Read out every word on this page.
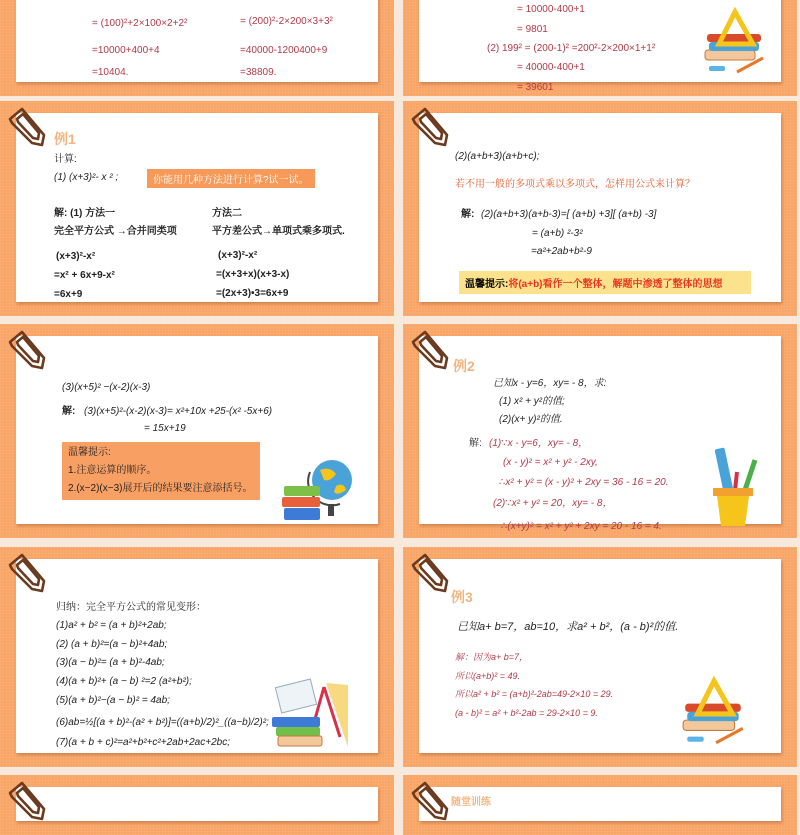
= (100)²+2×100×2+2²
=10000+400+4
=10404.
= (200)²-2×200×3+3²
=40000-1200400+9
=38809.
= 10000-400+1
= 9801
(2) 199² = (200-1)² =200²-2×200×1+1²
= 40000-400+1
= 39601
例1
计算:
(1) (x+3)²- x ² ;	你能用几种方法进行计算?试一试。
解: (1) 方法一
完全平方公式 →合并同类项
(x+3)²-x²
=x² + 6x+9-x²
=6x+9
方法二
平方差公式→单项式乘多项式.
(x+3)²-x²
=(x+3+x)(x+3-x)
=(2x+3)•3=6x+9
(2)(a+b+3)(a+b+c);
若不用一般的多项式乘以多项式，怎样用公式来计算？
解: (2)(a+b+3)(a+b-3)=[ (a+b) +3][ (a+b) -3]
= (a+b) ²-3²
=a²+2ab+b²-9
温馨提示:将(a+b)看作一个整体，解题中渗透了整体的思想
(3)(x+5)² −(x-2)(x-3)
解: (3)(x+5)²-(x-2)(x-3)= x²+10x +25-(x² -5x+6)
= 15x+19
温馨提示:
1.注意运算的顺序。
2.(x−2)(x−3)展开后的结果要注意添括号。
例2
已知x - y=6，xy= - 8，求:
(1) x² + y²的值;
(2)(x+ y)²的值.
解: (1)∵x - y=6，xy= - 8，
(x - y)² = x² + y² - 2xy,
∴x² + y² = (x - y)² + 2xy = 36 - 16 = 20.
(2)∵x² + y² = 20，xy= - 8，
∴(x+y)² = x² + y² + 2xy = 20 - 16 = 4.
归纳：完全平方公式的常见变形：
(1)a² + b² = (a + b)²+2ab;
(2) (a + b)²=(a − b)²+4ab;
(3)(a − b)²= (a + b)²-4ab;
(4)(a + b)²+ (a − b) ²=2 (a²+b²);
(5)(a + b)²−(a − b)² = 4ab;
(6)ab=½[(a + b)²-(a² + b²)]=((a+b)/2)²_((a−b)/2)²;
(7)(a + b + c)²=a²+b²+c²+2ab+2ac+2bc;
例3
已知a+ b=7，ab=10，求a² + b²，(a - b)²的值.
解：因为a+ b=7，
所以(a+b)² = 49.
所以a² + b² = (a+b)²-2ab=49-2×10 = 29.
(a - b)² = a² + b²-2ab = 29-2×10 = 9.
随堂训练
